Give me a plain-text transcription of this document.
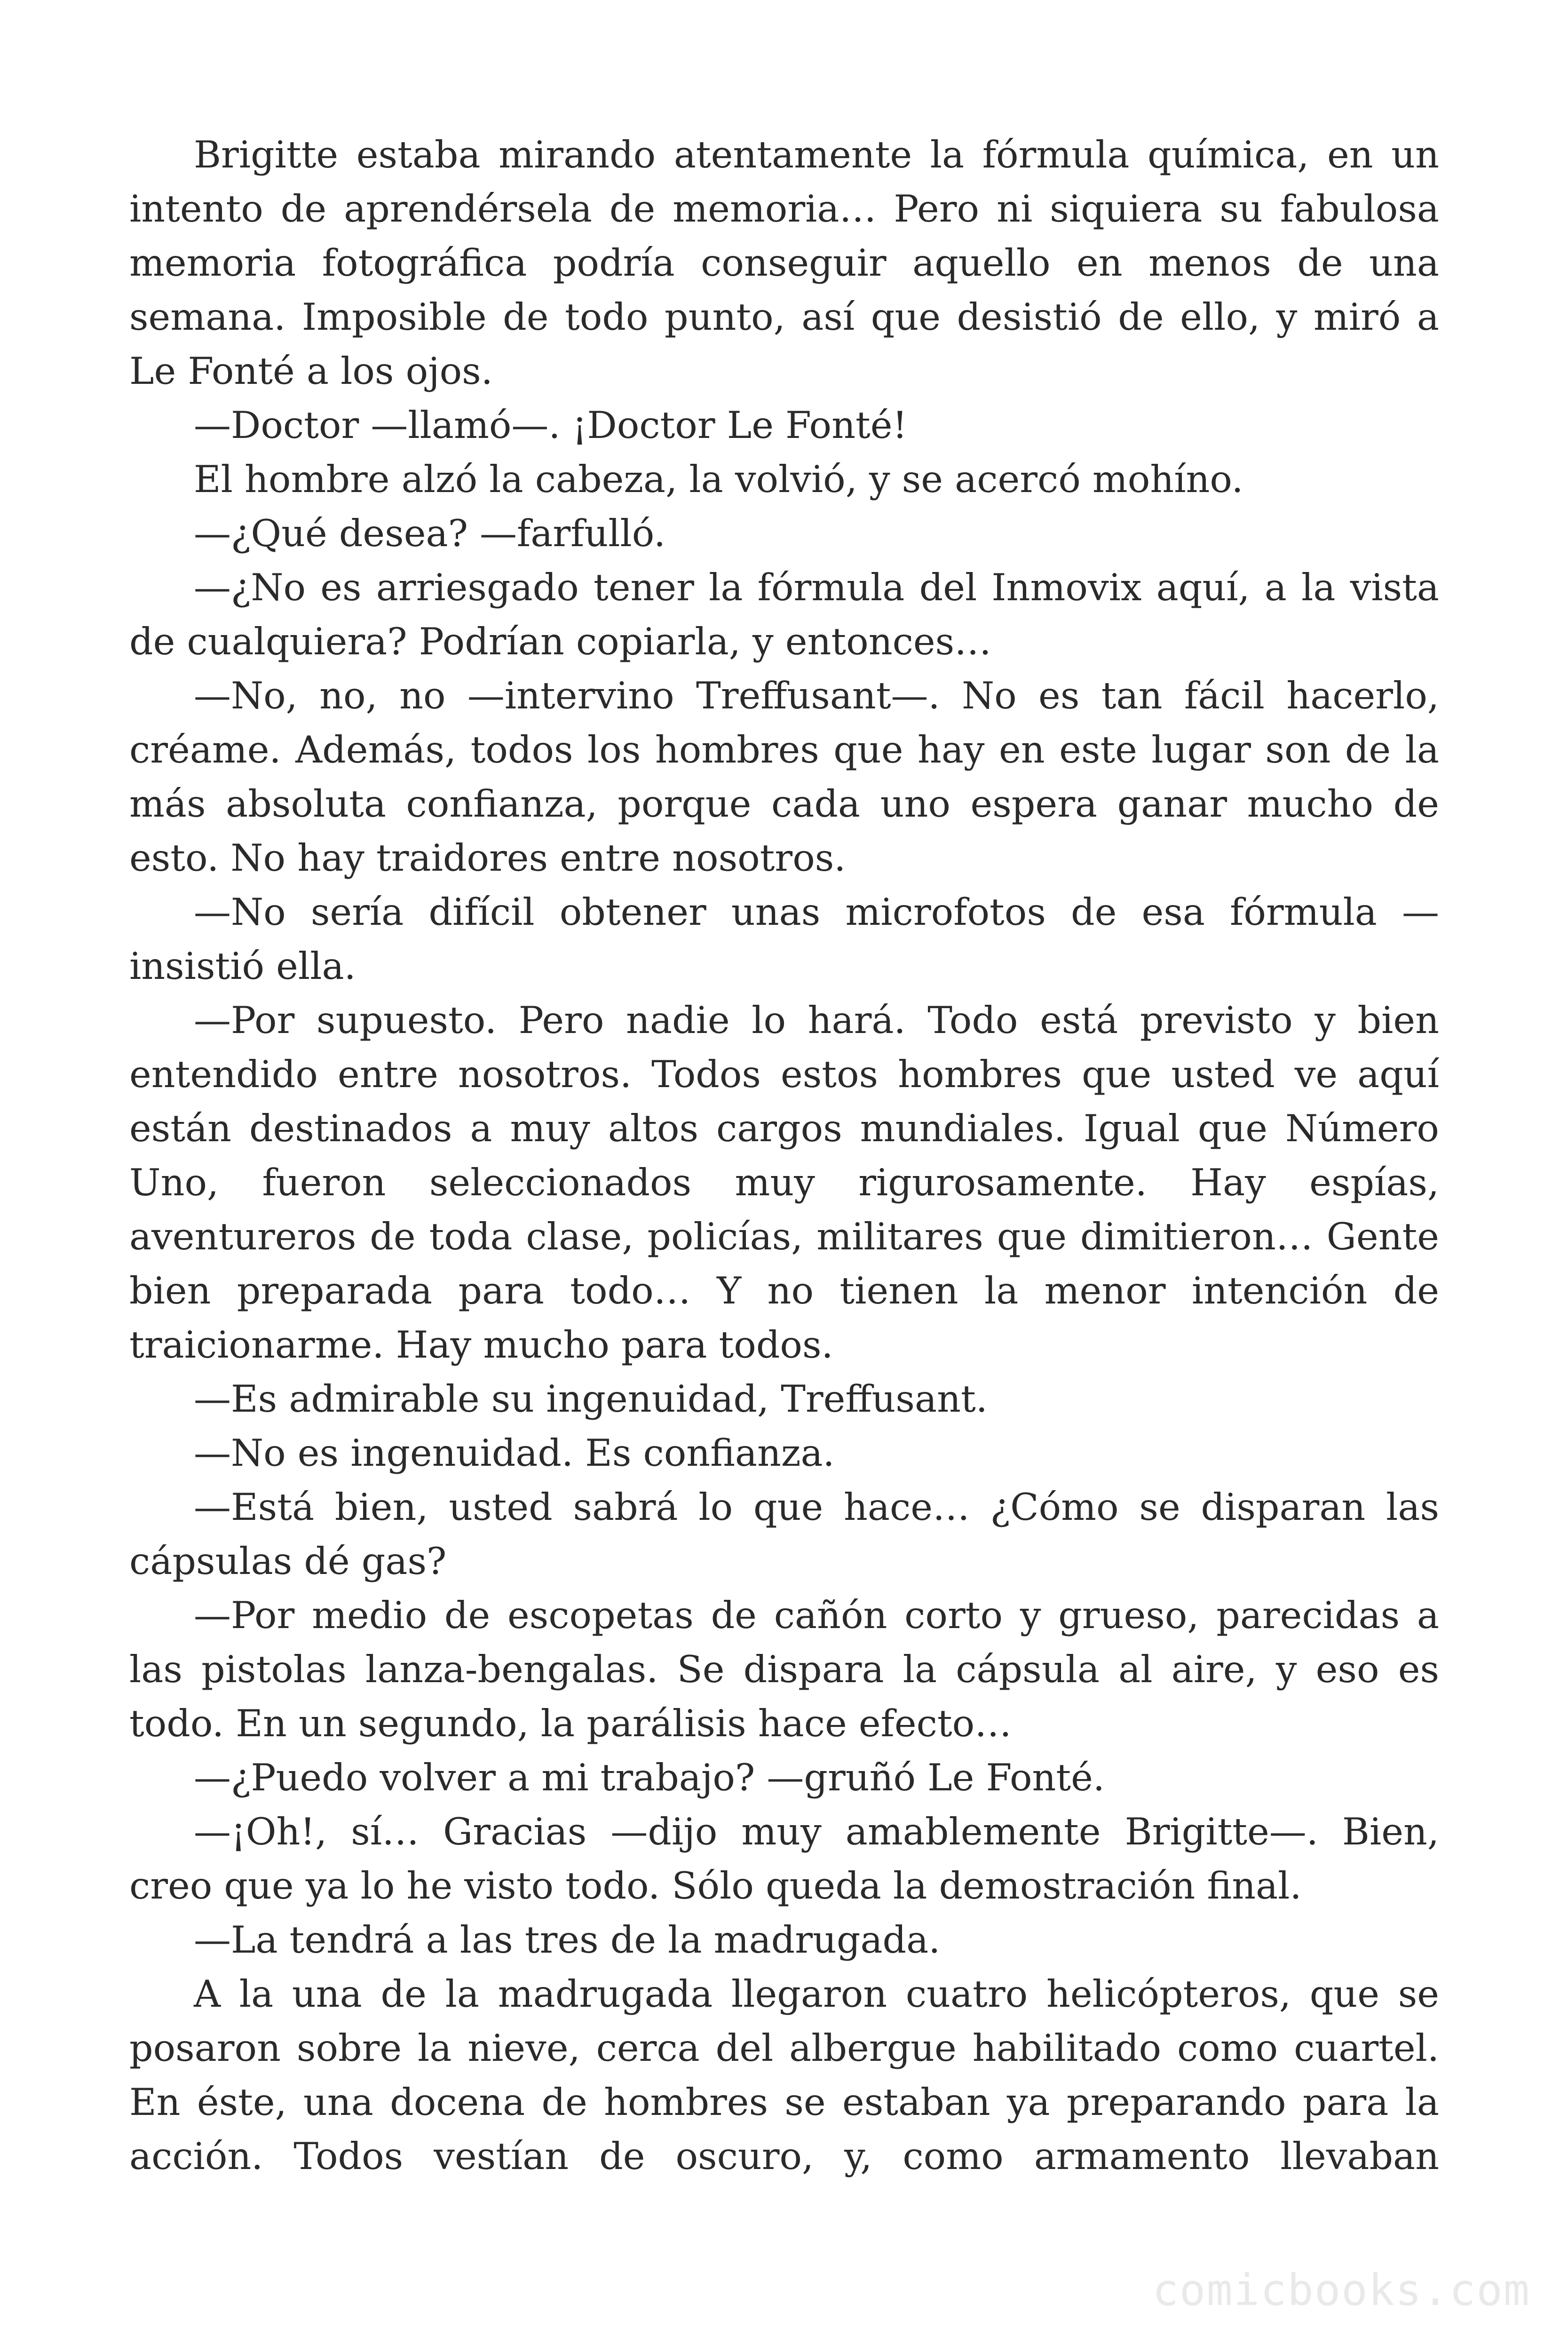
Brigitte estaba mirando atentamente la fórmula química, en un intento de aprendérsela de memoria… Pero ni siquiera su fabulosa memoria fotográfica podría conseguir aquello en menos de una semana. Imposible de todo punto, así que desistió de ello, y miró a Le Fonté a los ojos.

—Doctor —llamó—. ¡Doctor Le Fonté!

El hombre alzó la cabeza, la volvió, y se acercó mohíno.

—¿Qué desea? —farfulló.

—¿No es arriesgado tener la fórmula del Inmovix aquí, a la vista de cualquiera? Podrían copiarla, y entonces…

—No, no, no —intervino Treffusant—. No es tan fácil hacerlo, créame. Además, todos los hombres que hay en este lugar son de la más absoluta confianza, porque cada uno espera ganar mucho de esto. No hay traidores entre nosotros.

—No sería difícil obtener unas microfotos de esa fórmula —insistió ella.

—Por supuesto. Pero nadie lo hará. Todo está previsto y bien entendido entre nosotros. Todos estos hombres que usted ve aquí están destinados a muy altos cargos mundiales. Igual que Número Uno, fueron seleccionados muy rigurosamente. Hay espías, aventureros de toda clase, policías, militares que dimitieron… Gente bien preparada para todo… Y no tienen la menor intención de traicionarme. Hay mucho para todos.

—Es admirable su ingenuidad, Treffusant.

—No es ingenuidad. Es confianza.

—Está bien, usted sabrá lo que hace… ¿Cómo se disparan las cápsulas dé gas?

—Por medio de escopetas de cañón corto y grueso, parecidas a las pistolas lanza-bengalas. Se dispara la cápsula al aire, y eso es todo. En un segundo, la parálisis hace efecto…

—¿Puedo volver a mi trabajo? —gruñó Le Fonté.

—¡Oh!, sí… Gracias —dijo muy amablemente Brigitte—. Bien, creo que ya lo he visto todo. Sólo queda la demostración final.

—La tendrá a las tres de la madrugada.

A la una de la madrugada llegaron cuatro helicópteros, que se posaron sobre la nieve, cerca del albergue habilitado como cuartel. En éste, una docena de hombres se estaban ya preparando para la acción. Todos vestían de oscuro, y, como armamento llevaban

comicbooks.com
